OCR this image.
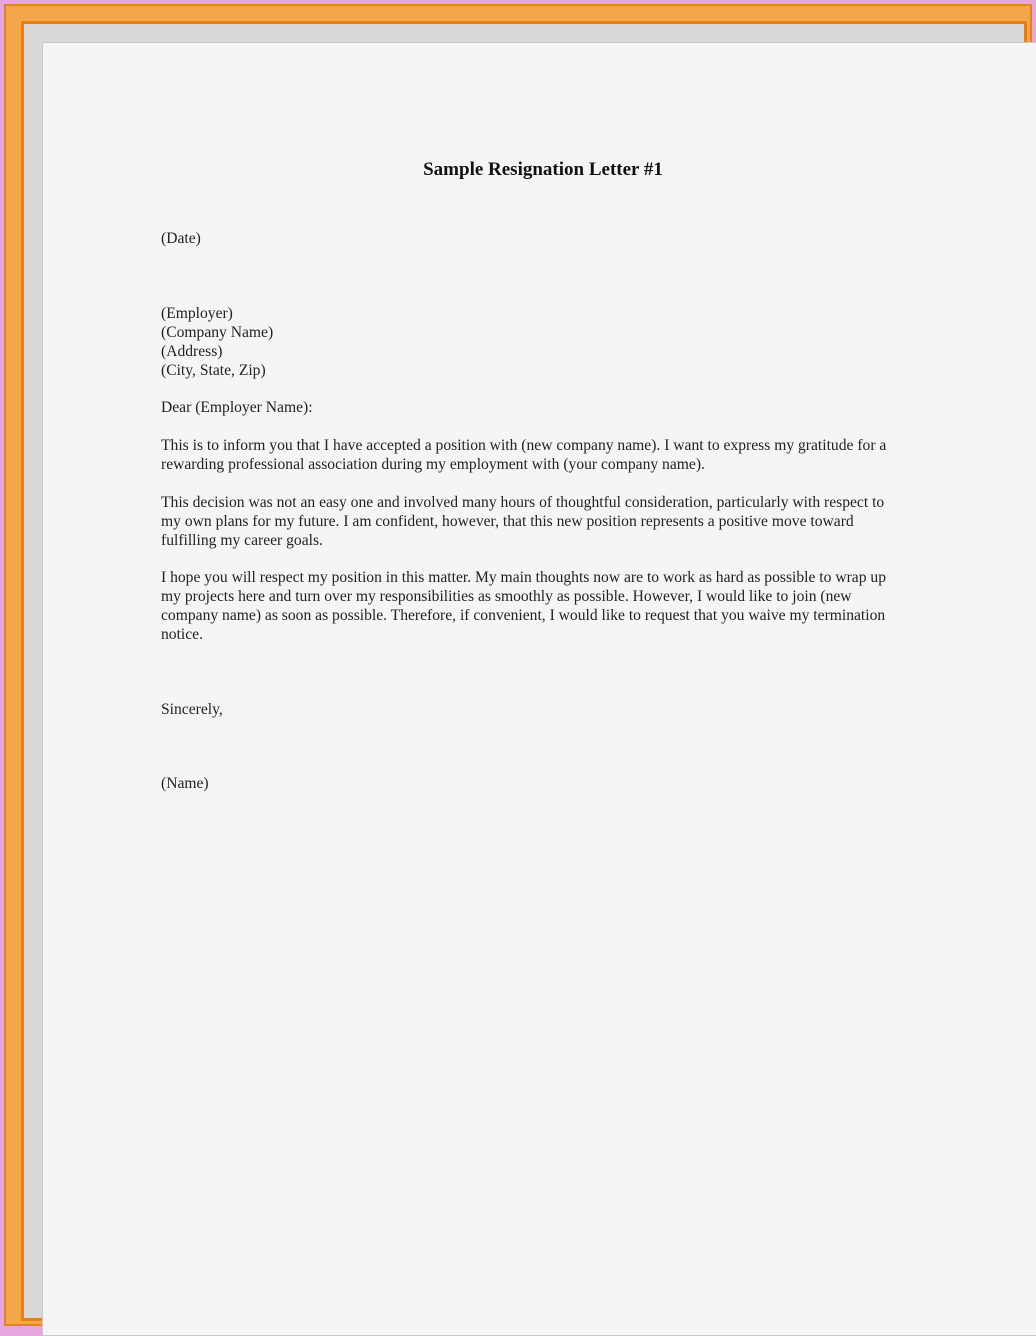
Sample Resignation Letter #1

(Date)

(Employer)
(Company Name)
(Address)
(City, State, Zip)

Dear (Employer Name):

This is to inform you that I have accepted a position with (new company name). I want to express my gratitude for a
rewarding professional association during my employment with (your company name).

This decision was not an easy one and involved many hours of thoughtful consideration, particularly with respect to
my own plans for my future. I am confident, however, that this new position represents a positive move toward
fulfilling my career goals.

I hope you will respect my position in this matter. My main thoughts now are to work as hard as possible to wrap up
my projects here and turn over my responsibilities as smoothly as possible. However, I would like to join (new
company name) as soon as possible. Therefore, if convenient, I would like to request that you waive my termination
notice.

Sincerely,

(Name)
